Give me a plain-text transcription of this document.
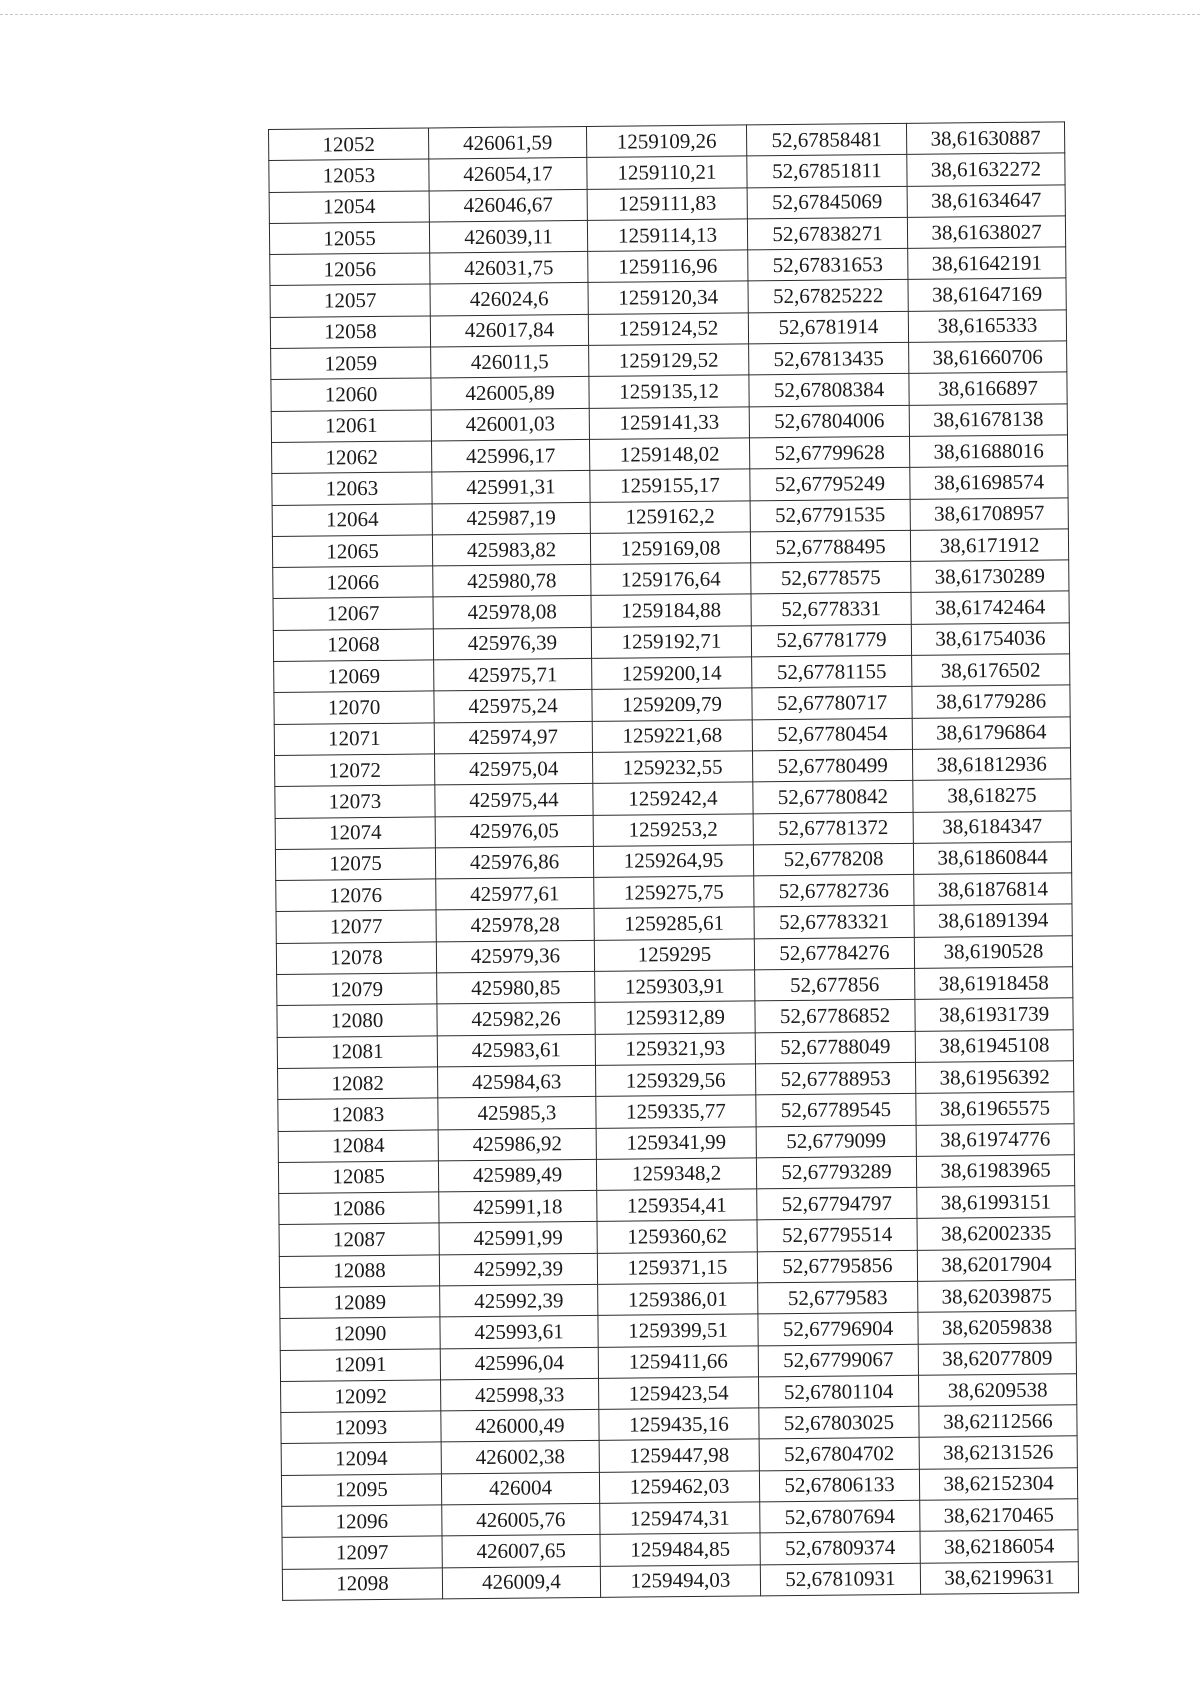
12052	426061,59	1259109,26	52,67858481	38,61630887
12053	426054,17	1259110,21	52,67851811	38,61632272
12054	426046,67	1259111,83	52,67845069	38,61634647
12055	426039,11	1259114,13	52,67838271	38,61638027
12056	426031,75	1259116,96	52,67831653	38,61642191
12057	426024,6	1259120,34	52,67825222	38,61647169
12058	426017,84	1259124,52	52,6781914	38,6165333
12059	426011,5	1259129,52	52,67813435	38,61660706
12060	426005,89	1259135,12	52,67808384	38,6166897
12061	426001,03	1259141,33	52,67804006	38,61678138
12062	425996,17	1259148,02	52,67799628	38,61688016
12063	425991,31	1259155,17	52,67795249	38,61698574
12064	425987,19	1259162,2	52,67791535	38,61708957
12065	425983,82	1259169,08	52,67788495	38,6171912
12066	425980,78	1259176,64	52,6778575	38,61730289
12067	425978,08	1259184,88	52,6778331	38,61742464
12068	425976,39	1259192,71	52,67781779	38,61754036
12069	425975,71	1259200,14	52,67781155	38,6176502
12070	425975,24	1259209,79	52,67780717	38,61779286
12071	425974,97	1259221,68	52,67780454	38,61796864
12072	425975,04	1259232,55	52,67780499	38,61812936
12073	425975,44	1259242,4	52,67780842	38,618275
12074	425976,05	1259253,2	52,67781372	38,6184347
12075	425976,86	1259264,95	52,6778208	38,61860844
12076	425977,61	1259275,75	52,67782736	38,61876814
12077	425978,28	1259285,61	52,67783321	38,61891394
12078	425979,36	1259295	52,67784276	38,6190528
12079	425980,85	1259303,91	52,677856	38,61918458
12080	425982,26	1259312,89	52,67786852	38,61931739
12081	425983,61	1259321,93	52,67788049	38,61945108
12082	425984,63	1259329,56	52,67788953	38,61956392
12083	425985,3	1259335,77	52,67789545	38,61965575
12084	425986,92	1259341,99	52,6779099	38,61974776
12085	425989,49	1259348,2	52,67793289	38,61983965
12086	425991,18	1259354,41	52,67794797	38,61993151
12087	425991,99	1259360,62	52,67795514	38,62002335
12088	425992,39	1259371,15	52,67795856	38,62017904
12089	425992,39	1259386,01	52,6779583	38,62039875
12090	425993,61	1259399,51	52,67796904	38,62059838
12091	425996,04	1259411,66	52,67799067	38,62077809
12092	425998,33	1259423,54	52,67801104	38,6209538
12093	426000,49	1259435,16	52,67803025	38,62112566
12094	426002,38	1259447,98	52,67804702	38,62131526
12095	426004	1259462,03	52,67806133	38,62152304
12096	426005,76	1259474,31	52,67807694	38,62170465
12097	426007,65	1259484,85	52,67809374	38,62186054
12098	426009,4	1259494,03	52,67810931	38,62199631
